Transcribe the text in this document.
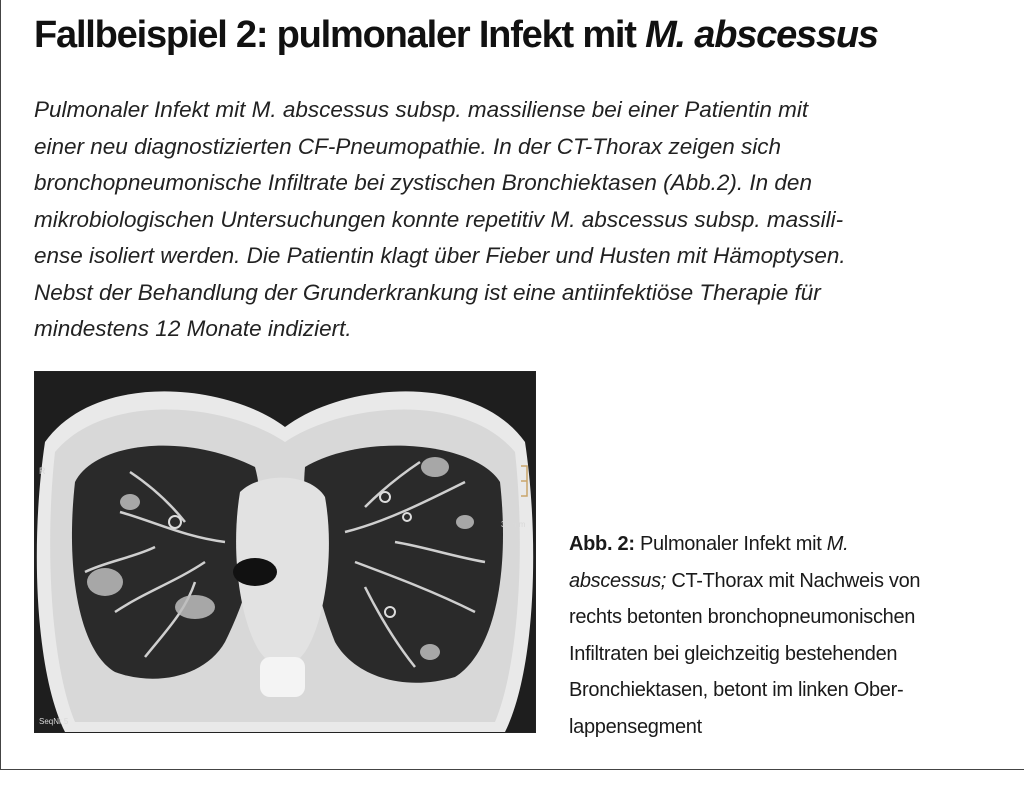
Fallbeispiel 2: pulmonaler Infekt mit M. abscessus
Pulmonaler Infekt mit M. abscessus subsp. massiliense bei einer Patientin mit
einer neu diagnostizierten CF-Pneumopathie. In der CT-Thorax zeigen sich
bronchopneumonische Infiltrate bei zystischen Bronchiektasen (Abb.2). In den
mikrobiologischen Untersuchungen konnte repetitiv M. abscessus subsp. massili-
ense isoliert werden. Die Patientin klagt über Fieber und Husten mit Hämoptysen.
Nebst der Behandlung der Grunderkrankung ist eine antiinfektiöse Therapie für
mindestens 12 Monate indiziert.
R
38 mm
SeqNr 5
Abb. 2: Pulmonaler Infekt mit M.
abscessus; CT-Thorax mit Nachweis von
rechts betonten bronchopneumonischen
Infiltraten bei gleichzeitig bestehenden
Bronchiektasen, betont im linken Ober-
lappensegment
